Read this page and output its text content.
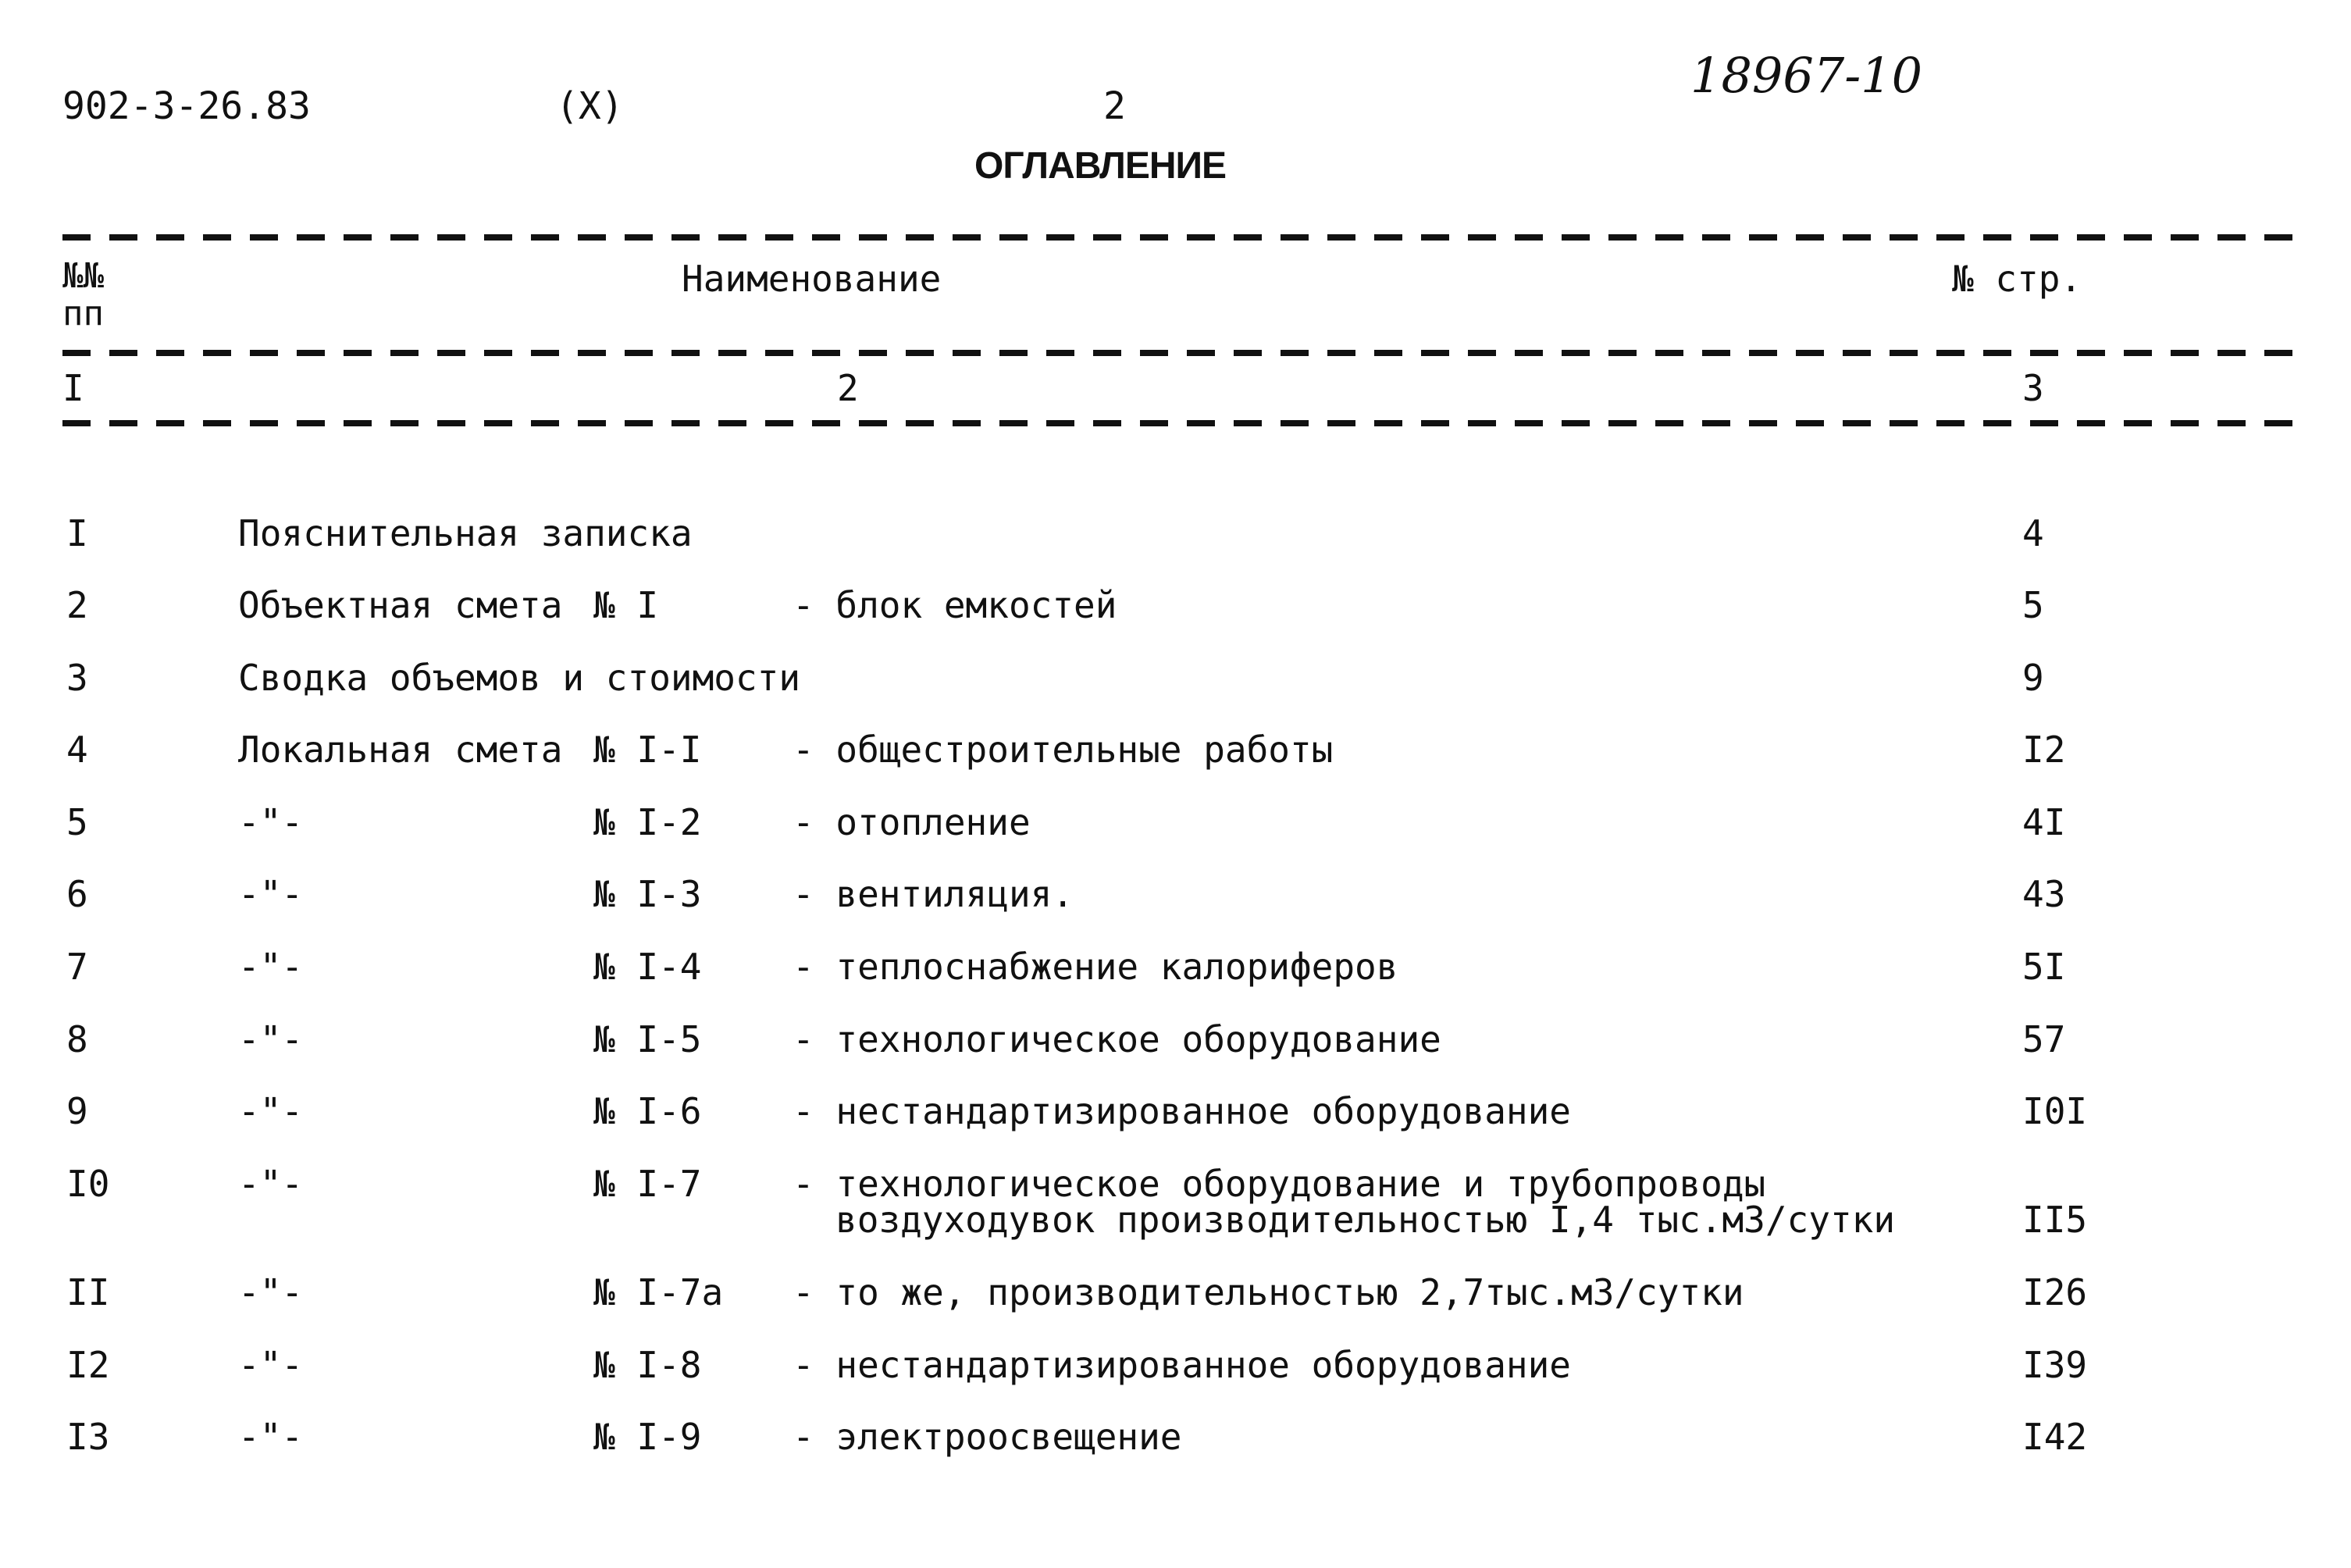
902-3-26.83	(X)	2
18967-10
ОГЛАВЛЕНИЕ
№№ пп
Наименование	№ стр.
I	2	3
I	Пояснительная записка	4
2	Объектная смета № I	- блок емкостей	5
3	Сводка объемов и стоимости	9
4	Локальная смета № I-I	- общестроительные работы	I2
5	-"-	№ I-2	- отопление	4I
6	-"-	№ I-3	- вентиляция.	43
7	-"-	№ I-4	- теплоснабжение калориферов	5I
8	-"-	№ I-5	- технологическое оборудование	57
9	-"-	№ I-6	- нестандартизированное оборудование	I0I
I0	-"-	№ I-7	- технологическое оборудование и трубопроводы
воздуходувок производительностью I,4 тыс.м3/сутки	II5
II	-"-	№ I-7а - то же, производительностью 2,7тыс.м3/сутки	I26
I2	-"-	№ I-8	- нестандартизированное оборудование	I39
I3	-"-	№ I-9	- электроосвещение	I42
